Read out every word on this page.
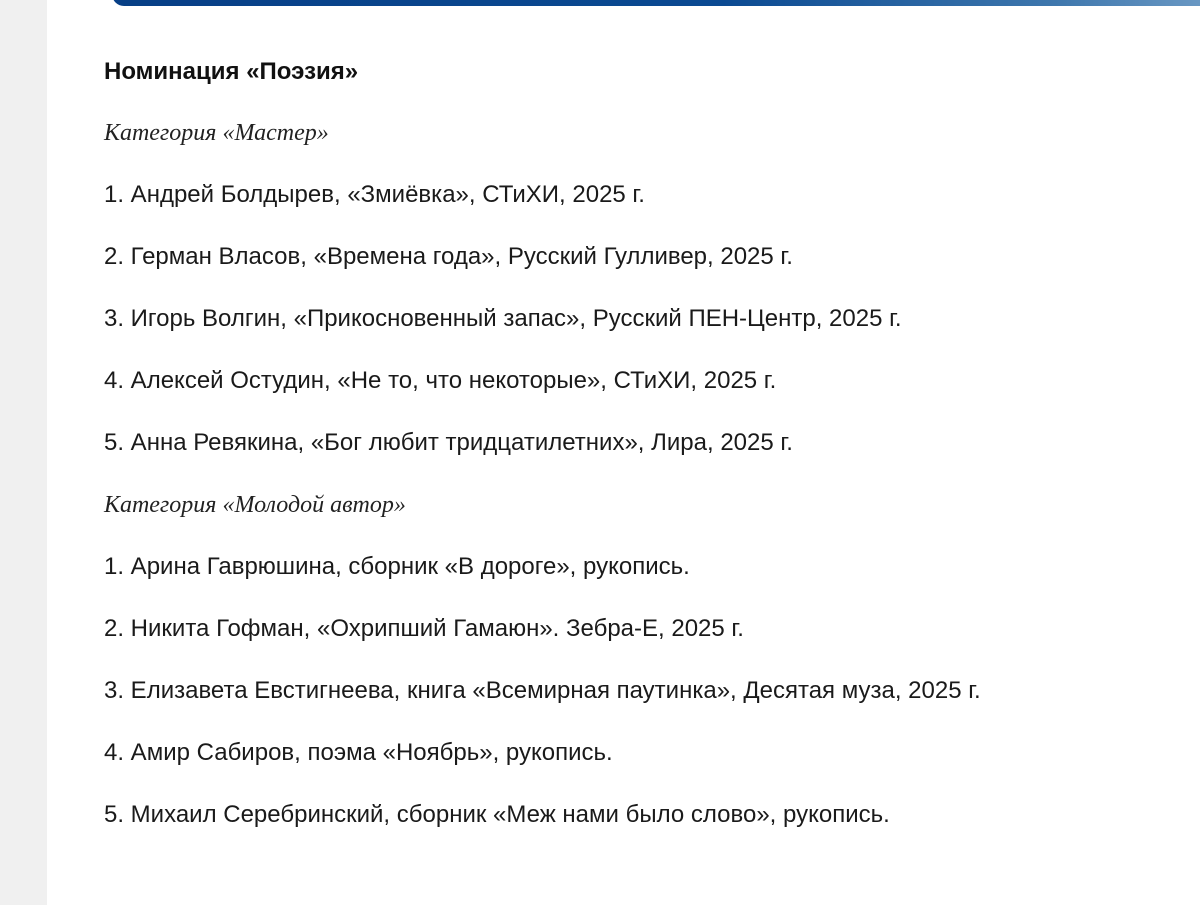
Номинация «Поэзия»

Категория «Мастер»

1. Андрей Болдырев, «Змиёвка», СТиХИ, 2025 г.

2. Герман Власов, «Времена года», Русский Гулливер, 2025 г.

3. Игорь Волгин, «Прикосновенный запас», Русский ПЕН-Центр, 2025 г.

4. Алексей Остудин, «Не то, что некоторые», СТиХИ, 2025 г.

5. Анна Ревякина, «Бог любит тридцатилетних», Лира, 2025 г.

Категория «Молодой автор»

1. Арина Гаврюшина, сборник «В дороге», рукопись.

2. Никита Гофман, «Охрипший Гамаюн». Зебра-Е, 2025 г.

3. Елизавета Евстигнеева, книга «Всемирная паутинка», Десятая муза, 2025 г.

4. Амир Сабиров, поэма «Ноябрь», рукопись.

5. Михаил Серебринский, сборник «Меж нами было слово», рукопись.
